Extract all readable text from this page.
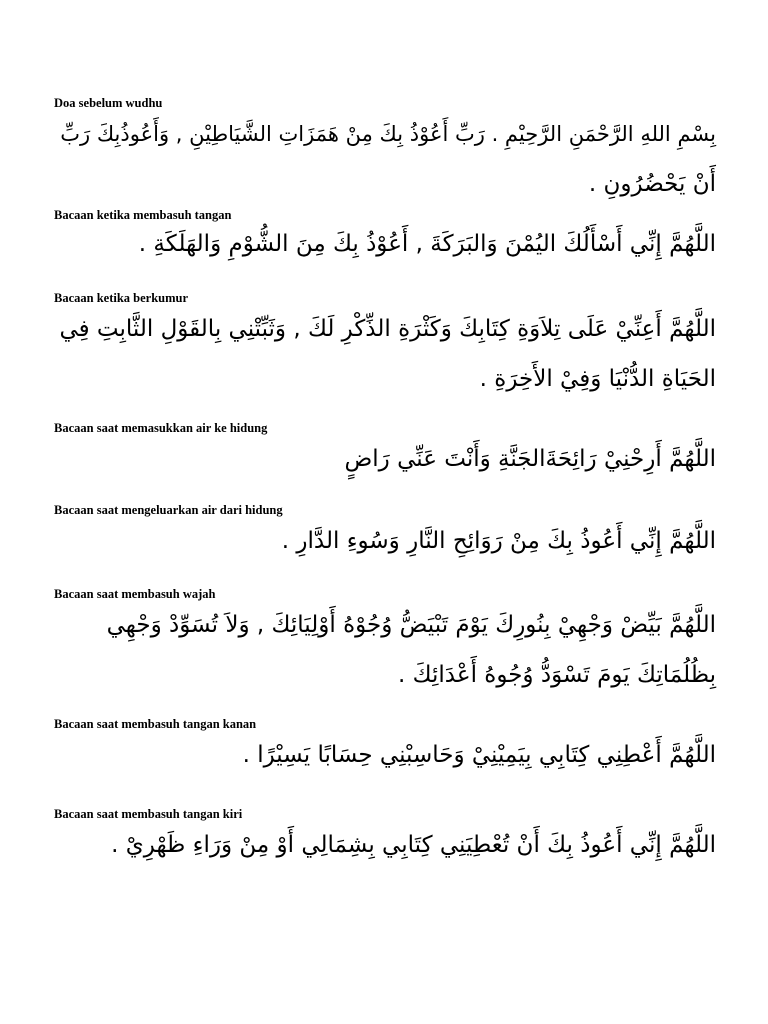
Doa sebelum wudhu
بِسْمِ اللهِ الرَّحْمَنِ الرَّحِيْمِ . رَبِّ أَعُوْذُ بِكَ مِنْ هَمَزَاتِ الشَّيَاطِيْنِ , وَأَعُوذُبِكَ رَبِّ
أَنْ يَحْضُرُونِ .
Bacaan ketika membasuh tangan
اللَّهُمَّ إِنِّي أَسْأَلُكَ اليُمْنَ وَالبَرَكَةَ , أَعُوْذُ بِكَ مِنَ الشُّوْمِ وَالهَلَكَةِ .
Bacaan ketika berkumur
اللَّهُمَّ أَعِنِّيْ عَلَى تِلاَوَةِ كِتَابِكَ وَكَثْرَةِ الذِّكْرِ لَكَ , وَثَبِّتْنِي بِالقَوْلِ الثَّابِتِ فِي
الحَيَاةِ الدُّنْيَا وَفِيْ الأَخِرَةِ .
Bacaan saat memasukkan air ke hidung
اللَّهُمَّ أَرِحْنِيْ رَائِحَةَالجَنَّةِ وَأَنْتَ عَنِّي رَاضٍ
Bacaan saat mengeluarkan air dari hidung
اللَّهُمَّ إِنِّي أَعُوذُ بِكَ مِنْ رَوَائِحِ النَّارِ وَسُوءِ الدَّارِ .
Bacaan saat membasuh wajah
اللَّهُمَّ بَيِّضْ وَجْهِيْ بِنُورِكَ يَوْمَ تَبْيَضُّ وُجُوْهُ أَوْلِيَائِكَ , وَلاَ تُسَوِّدْ وَجْهِي
بِظُلُمَاتِكَ يَومَ تَسْوَدُّ وُجُوهُ أَعْدَائِكَ .
Bacaan saat membasuh tangan kanan
اللَّهُمَّ أَعْطِنِي كِتَابِي بِيَمِيْنِيْ وَحَاسِبْنِي حِسَابًا يَسِيْرًا .
Bacaan saat membasuh tangan kiri
اللَّهُمَّ إِنِّي أَعُوذُ بِكَ أَنْ تُعْطِيَنِي كِتَابِي بِشِمَالِي أَوْ مِنْ وَرَاءِ ظَهْرِيْ .
